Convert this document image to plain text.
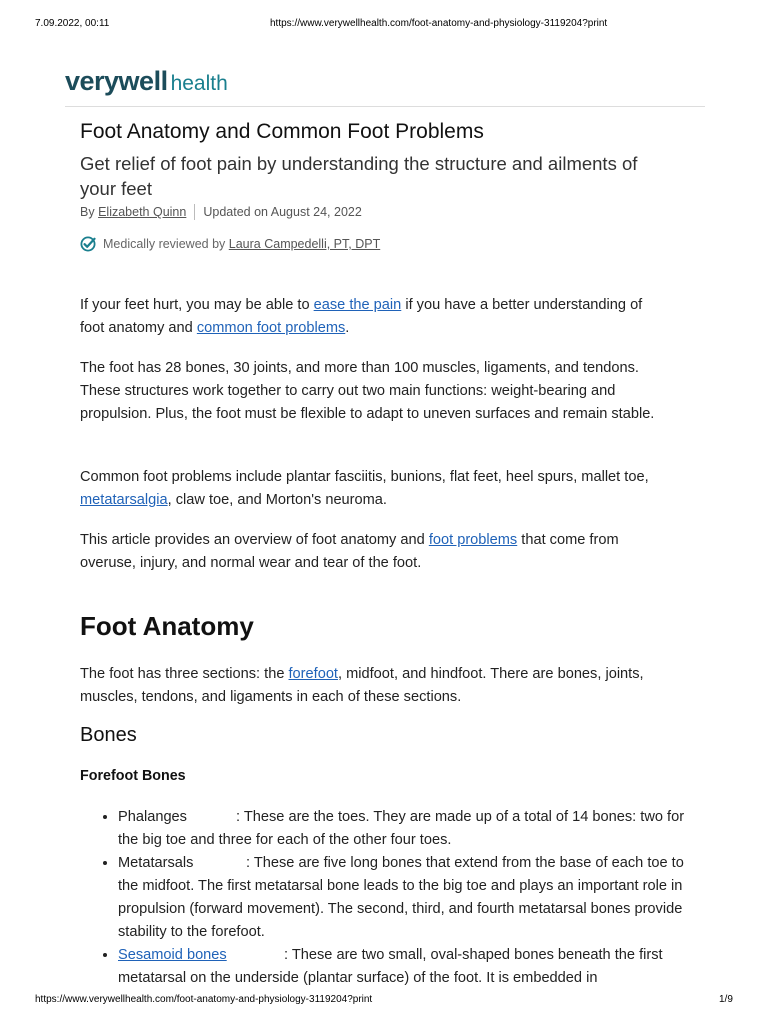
7.09.2022, 00:11	https://www.verywellhealth.com/foot-anatomy-and-physiology-3119204?print
verywell health
Foot Anatomy and Common Foot Problems

Get relief of foot pain by understanding the structure and ailments of your feet

By
Elizabeth Quinn Updated on August 24, 2022
Medically reviewed by
Laura Campedelli, PT, DPT

If your feet hurt, you may be able to ease the pain if you have a better understanding of foot anatomy and common foot problems.

The foot has 28 bones, 30 joints, and more than 100 muscles, ligaments, and tendons. These structures work together to carry out two main functions: weight-bearing and propulsion. Plus, the foot must be flexible to adapt to uneven surfaces and remain stable.

Common foot problems include plantar fasciitis, bunions, flat feet, heel spurs, mallet toe, metatarsalgia, claw toe, and Morton's neuroma.

This article provides an overview of foot anatomy and foot problems that come from overuse, injury, and normal wear and tear of the foot.

Foot Anatomy

The foot has three sections: the forefoot, midfoot, and hindfoot. There are bones, joints, muscles, tendons, and ligaments in each of these sections.

Bones
Forefoot Bones
• Phalanges	: These are the toes. They are made up of a total of 14 bones: two for the big toe and three for each of the other four toes.
• Metatarsals	: These are five long bones that extend from the base of each toe to the midfoot. The first metatarsal bone leads to the big toe and plays an important role in propulsion (forward movement). The second, third, and fourth metatarsal bones provide stability to the forefoot.
• Sesamoid bones	: These are two small, oval-shaped bones beneath the first metatarsal on the underside (plantar surface) of the foot. It is embedded in
https://www.verywellhealth.com/foot-anatomy-and-physiology-3119204?print	1/9
